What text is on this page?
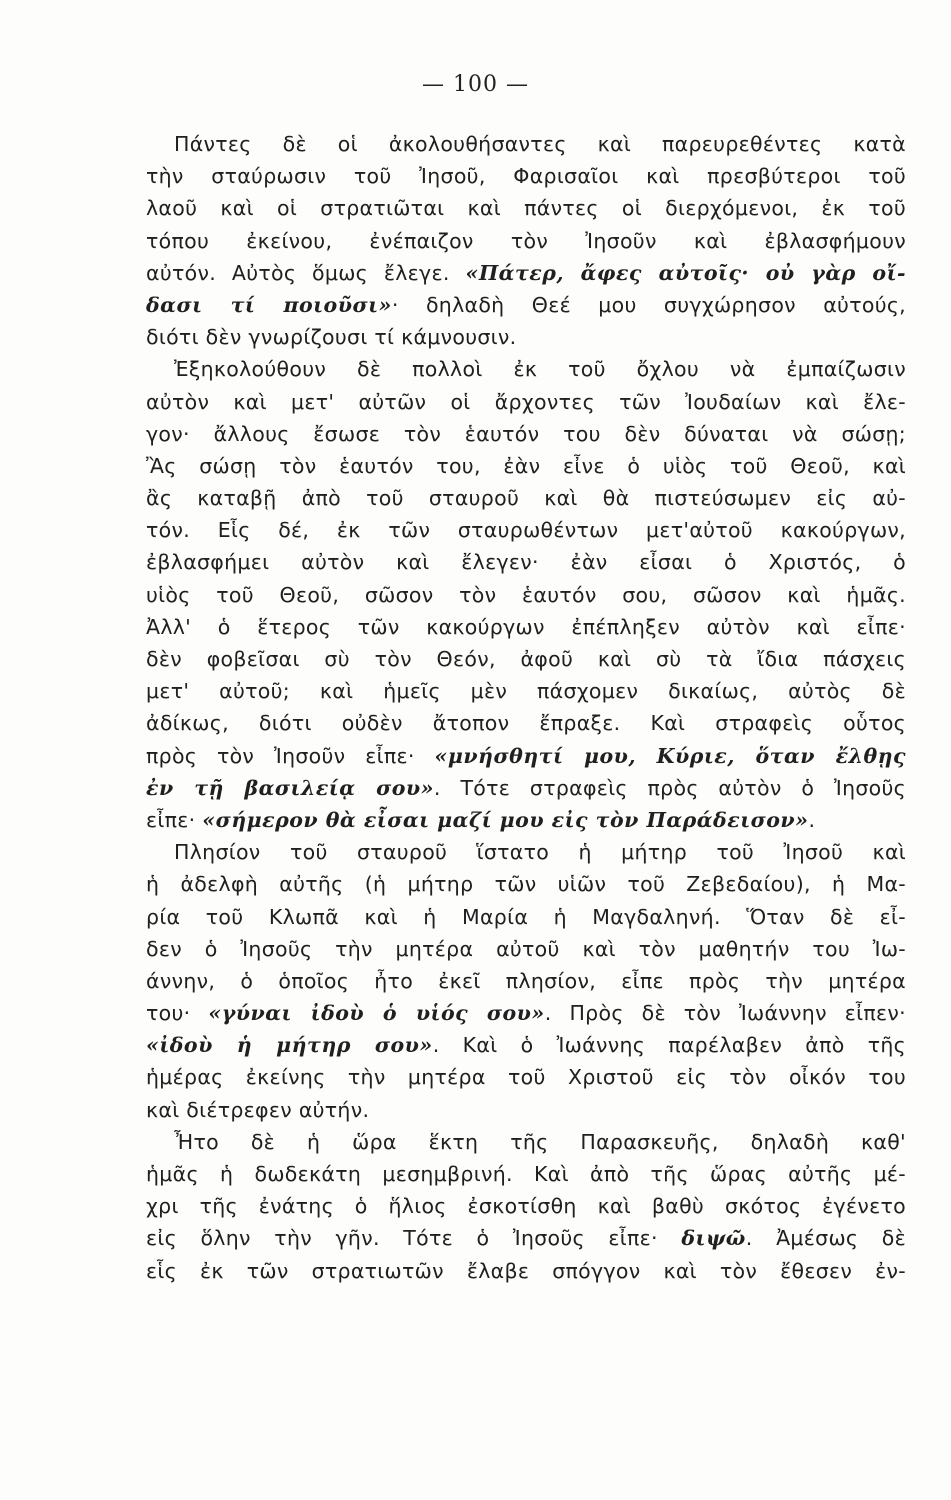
— 100 —
Πάντες δὲ οἱ ἀκολουθήσαντες καὶ παρευρεθέντες κατὰ
τὴν σταύρωσιν τοῦ Ἰησοῦ, Φαρισαῖοι καὶ πρεσβύτεροι τοῦ
λαοῦ καὶ οἱ στρατιῶται καὶ πάντες οἱ διερχόμενοι, ἐκ τοῦ
τόπου ἐκείνου, ἐνέπαιζον τὸν Ἰησοῦν καὶ ἐβλασφήμουν
αὐτόν. Αὐτὸς ὅμως ἔλεγε. «Πάτερ, ἄφες αὐτοῖς· οὐ γὰρ οἴ-
δασι τί ποιοῦσι»· δηλαδὴ Θεέ μου συγχώρησον αὐτούς,
διότι δὲν γνωρίζουσι τί κάμνουσιν.
Ἐξηκολούθουν δὲ πολλοὶ ἐκ τοῦ ὄχλου νὰ ἐμπαίζωσιν
αὐτὸν καὶ μετ' αὐτῶν οἱ ἄρχοντες τῶν Ἰουδαίων καὶ ἔλε-
γον· ἄλλους ἔσωσε τὸν ἑαυτόν του δὲν δύναται νὰ σώσῃ;
Ἂς σώσῃ τὸν ἑαυτόν του, ἐὰν εἶνε ὁ υἱὸς τοῦ Θεοῦ, καὶ
ἂς καταβῇ ἀπὸ τοῦ σταυροῦ καὶ θὰ πιστεύσωμεν εἰς αὐ-
τόν. Εἷς δέ, ἐκ τῶν σταυρωθέντων μετ'αὐτοῦ κακούργων,
ἐβλασφήμει αὐτὸν καὶ ἔλεγεν· ἐὰν εἶσαι ὁ Χριστός, ὁ
υἱὸς τοῦ Θεοῦ, σῶσον τὸν ἑαυτόν σου, σῶσον καὶ ἡμᾶς.
Ἀλλ' ὁ ἕτερος τῶν κακούργων ἐπέπληξεν αὐτὸν καὶ εἶπε·
δὲν φοβεῖσαι σὺ τὸν Θεόν, ἀφοῦ καὶ σὺ τὰ ἴδια πάσχεις
μετ' αὐτοῦ; καὶ ἡμεῖς μὲν πάσχομεν δικαίως, αὐτὸς δὲ
ἀδίκως, διότι οὐδὲν ἄτοπον ἔπραξε. Καὶ στραφεὶς οὗτος
πρὸς τὸν Ἰησοῦν εἶπε· «μνήσθητί μου, Κύριε, ὅταν ἔλθῃς
ἐν τῇ βασιλείᾳ σου». Τότε στραφεὶς πρὸς αὐτὸν ὁ Ἰησοῦς
εἶπε· «σήμερον θὰ εἶσαι μαζί μου εἰς τὸν Παράδεισον».
Πλησίον τοῦ σταυροῦ ἵστατο ἡ μήτηρ τοῦ Ἰησοῦ καὶ
ἡ ἀδελφὴ αὐτῆς (ἡ μήτηρ τῶν υἱῶν τοῦ Ζεβεδαίου), ἡ Μα-
ρία τοῦ Κλωπᾶ καὶ ἡ Μαρία ἡ Μαγδαληνή. Ὅταν δὲ εἶ-
δεν ὁ Ἰησοῦς τὴν μητέρα αὐτοῦ καὶ τὸν μαθητήν του Ἰω-
άννην, ὁ ὁποῖος ἦτο ἐκεῖ πλησίον, εἶπε πρὸς τὴν μητέρα
του· «γύναι ἰδοὺ ὁ υἱός σου». Πρὸς δὲ τὸν Ἰωάννην εἶπεν·
«ἰδοὺ ἡ μήτηρ σου». Καὶ ὁ Ἰωάννης παρέλαβεν ἀπὸ τῆς
ἡμέρας ἐκείνης τὴν μητέρα τοῦ Χριστοῦ εἰς τὸν οἶκόν του
καὶ διέτρεφεν αὐτήν.
Ἦτο δὲ ἡ ὥρα ἕκτη τῆς Παρασκευῆς, δηλαδὴ καθ'
ἡμᾶς ἡ δωδεκάτη μεσημβρινή. Καὶ ἀπὸ τῆς ὥρας αὐτῆς μέ-
χρι τῆς ἐνάτης ὁ ἥλιος ἐσκοτίσθη καὶ βαθὺ σκότος ἐγένετο
εἰς ὅλην τὴν γῆν. Τότε ὁ Ἰησοῦς εἶπε· διψῶ. Ἀμέσως δὲ
εἷς ἐκ τῶν στρατιωτῶν ἔλαβε σπόγγον καὶ τὸν ἔθεσεν ἐν-
